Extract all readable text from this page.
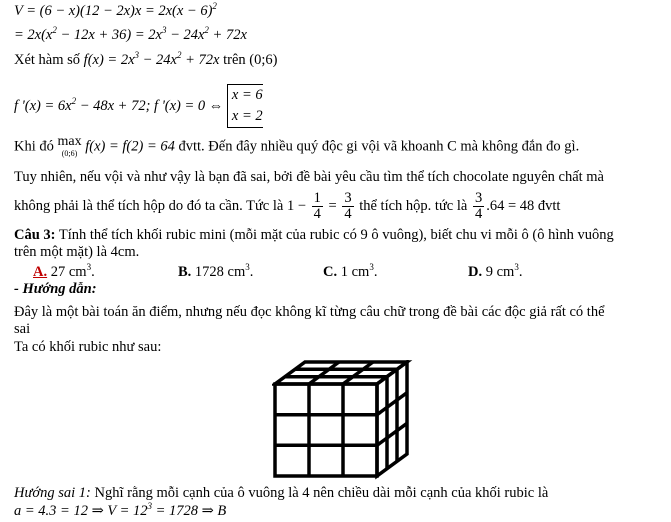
$V = (6 - x)(12 - 2x)x = 2x(x - 6)^2$
= $2x(x^2 - 12x + 36) = 2x^3 - 24x^2 + 72x$
Xét hàm số $f(x) = 2x^3 - 24x^2 + 72x$ trên (0;6)
f '$(x) = 6x^2 - 48x + 72$; f '(x) = 0 ⇔
x = 6
x = 2
Khi đó max
(0;6) f(x) = f(2) = 64 đvtt. Đến đây nhiều quý độc gi vội vã khoanh C mà không đắn đo gì.
Tuy nhiên, nếu vội và như vậy là bạn đã sai, bởi đề bài yêu cầu tìm thể tích chocolate nguyên chất mà
không phải là thể tích hộp do đó ta cần. Tức là $1 - \frac{1}{4} = \frac{3}{4}$ thể tích hộp. tức là $\frac{3}{4} .64 = 48$ đvtt
Câu 3: Tính thể tích khối rubic mini (mỗi mặt của rubic có 9 ô vuông), biết chu vi mỗi ô (ô hình vuông
trên một mặt) là 4cm.
A. 27 $cm^3$.	B. 1728 $cm^3$.	C. 1 $cm^3$.	D. 9 $cm^3$.
- Hướng dẫn:
Đây là một bài toán ăn điểm, nhưng nếu đọc không kĩ từng câu chữ trong đề bài các độc giả rất có thể
sai
Ta có khối rubic như sau:
Hướng sai 1: Nghĩ rằng mỗi cạnh của ô vuông là 4 nên chiều dài mỗi cạnh của khối rubic là
a = 4.3 = 12 ⇒ $V = 12^3 = 1728$ ⇒ B
